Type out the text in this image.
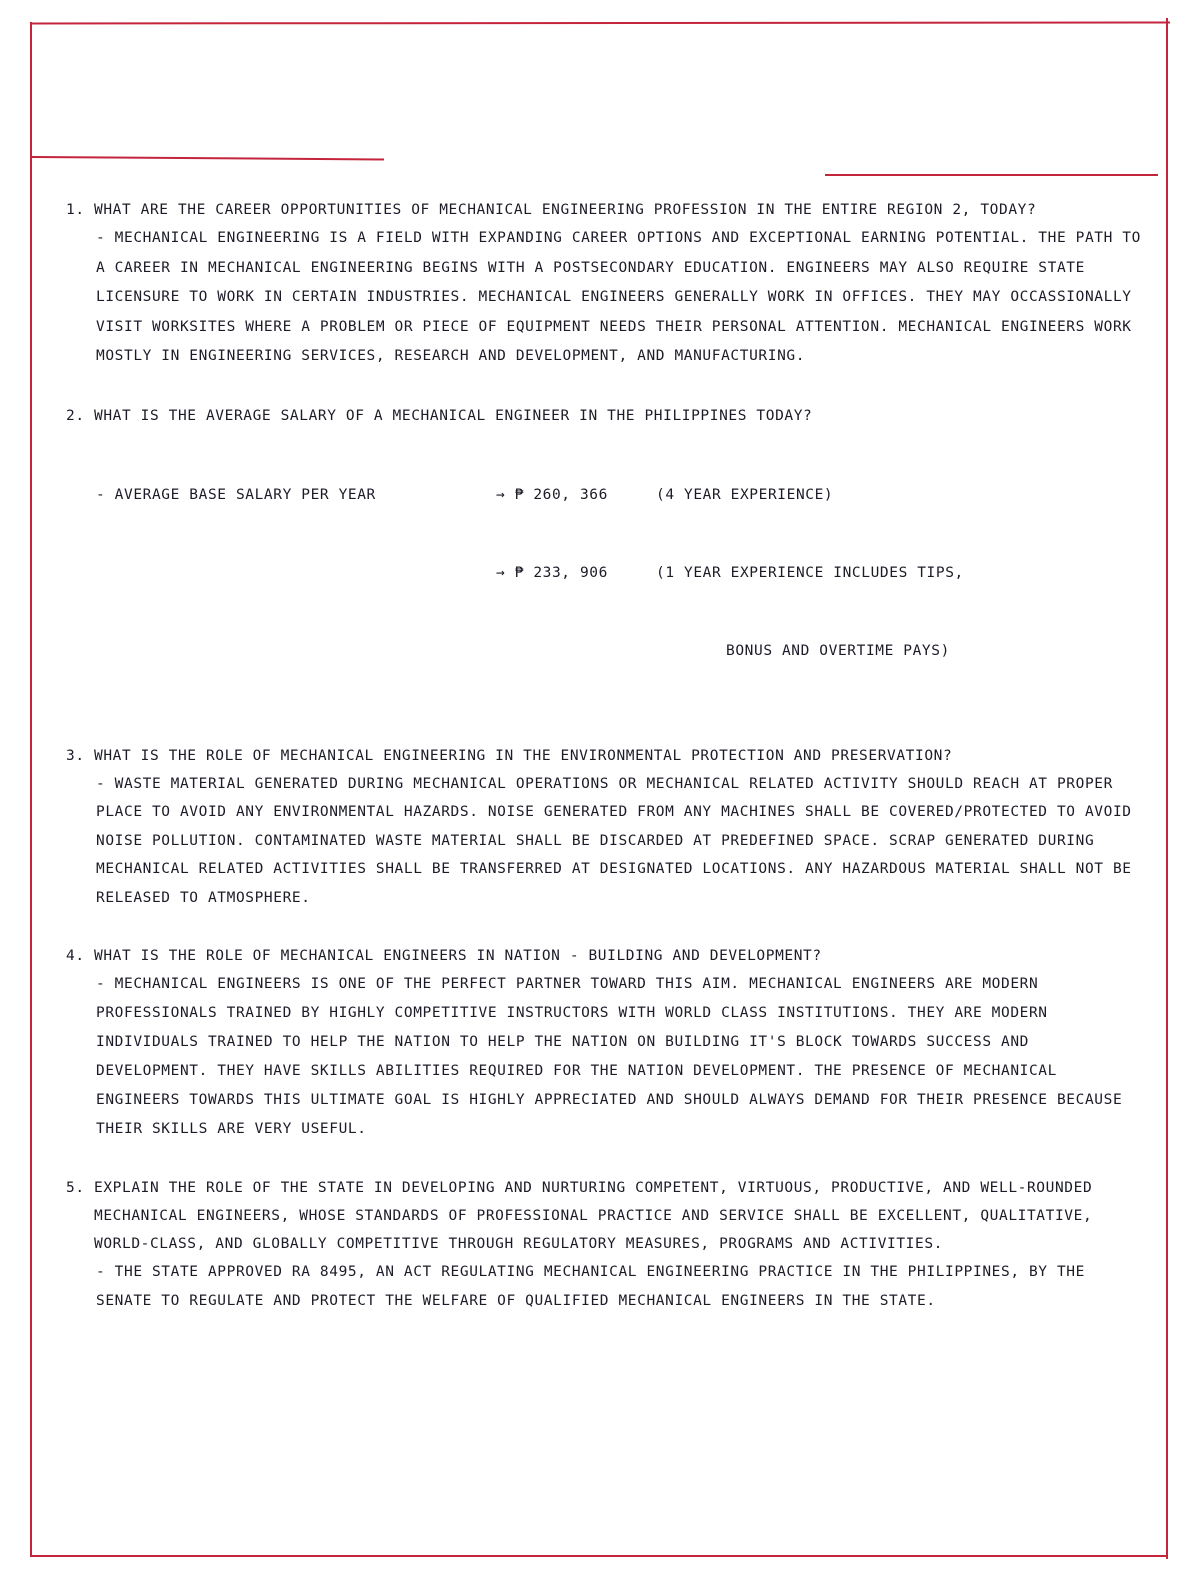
1. WHAT ARE THE CAREER OPPORTUNITIES OF MECHANICAL ENGINEERING PROFESSION IN THE ENTIRE REGION 2, TODAY?
- MECHANICAL ENGINEERING IS A FIELD WITH EXPANDING CAREER OPTIONS AND EXCEPTIONAL EARNING POTENTIAL. THE PATH TO A CAREER IN MECHANICAL ENGINEERING BEGINS WITH A POSTSECONDARY EDUCATION. ENGINEERS MAY ALSO REQUIRE STATE LICENSURE TO WORK IN CERTAIN INDUSTRIES. MECHANICAL ENGINEERS GENERALLY WORK IN OFFICES. THEY MAY OCCASSIONALLY VISIT WORKSITES WHERE A PROBLEM OR PIECE OF EQUIPMENT NEEDS THEIR PERSONAL ATTENTION. MECHANICAL ENGINEERS WORK MOSTLY IN ENGINEERING SERVICES, RESEARCH AND DEVELOPMENT, AND MANUFACTURING.
2. WHAT IS THE AVERAGE SALARY OF A MECHANICAL ENGINEER IN THE PHILIPPINES TODAY?

- AVERAGE BASE SALARY PER YEAR	→ ₱ 260, 366	(4 YEAR EXPERIENCE)

→ ₱ 233, 906	(1 YEAR EXPERIENCE INCLUDES TIPS,

BONUS AND OVERTIME PAYS)

3. WHAT IS THE ROLE OF MECHANICAL ENGINEERING IN THE ENVIRONMENTAL PROTECTION AND PRESERVATION?
- WASTE MATERIAL GENERATED DURING MECHANICAL OPERATIONS OR MECHANICAL RELATED ACTIVITY SHOULD REACH AT PROPER PLACE TO AVOID ANY ENVIRONMENTAL HAZARDS. NOISE GENERATED FROM ANY MACHINES SHALL BE COVERED/PROTECTED TO AVOID NOISE POLLUTION. CONTAMINATED WASTE MATERIAL SHALL BE DISCARDED AT PREDEFINED SPACE. SCRAP GENERATED DURING MECHANICAL RELATED ACTIVITIES SHALL BE TRANSFERRED AT DESIGNATED LOCATIONS. ANY HAZARDOUS MATERIAL SHALL NOT BE RELEASED TO ATMOSPHERE.
4. WHAT IS THE ROLE OF MECHANICAL ENGINEERS IN NATION - BUILDING AND DEVELOPMENT?
- MECHANICAL ENGINEERS IS ONE OF THE PERFECT PARTNER TOWARD THIS AIM. MECHANICAL ENGINEERS ARE MODERN PROFESSIONALS TRAINED BY HIGHLY COMPETITIVE INSTRUCTORS WITH WORLD CLASS INSTITUTIONS. THEY ARE MODERN INDIVIDUALS TRAINED TO HELP THE NATION TO HELP THE NATION ON BUILDING IT'S BLOCK TOWARDS SUCCESS AND DEVELOPMENT. THEY HAVE SKILLS ABILITIES REQUIRED FOR THE NATION DEVELOPMENT. THE PRESENCE OF MECHANICAL ENGINEERS TOWARDS THIS ULTIMATE GOAL IS HIGHLY APPRECIATED AND SHOULD ALWAYS DEMAND FOR THEIR PRESENCE BECAUSE THEIR SKILLS ARE VERY USEFUL.
5. EXPLAIN THE ROLE OF THE STATE IN DEVELOPING AND NURTURING COMPETENT, VIRTUOUS, PRODUCTIVE, AND WELL-ROUNDED MECHANICAL ENGINEERS, WHOSE STANDARDS OF PROFESSIONAL PRACTICE AND SERVICE SHALL BE EXCELLENT, QUALITATIVE, WORLD-CLASS, AND GLOBALLY COMPETITIVE THROUGH REGULATORY MEASURES, PROGRAMS AND ACTIVITIES.
- THE STATE APPROVED RA 8495, AN ACT REGULATING MECHANICAL ENGINEERING PRACTICE IN THE PHILIPPINES, BY THE SENATE TO REGULATE AND PROTECT THE WELFARE OF QUALIFIED MECHANICAL ENGINEERS IN THE STATE.
